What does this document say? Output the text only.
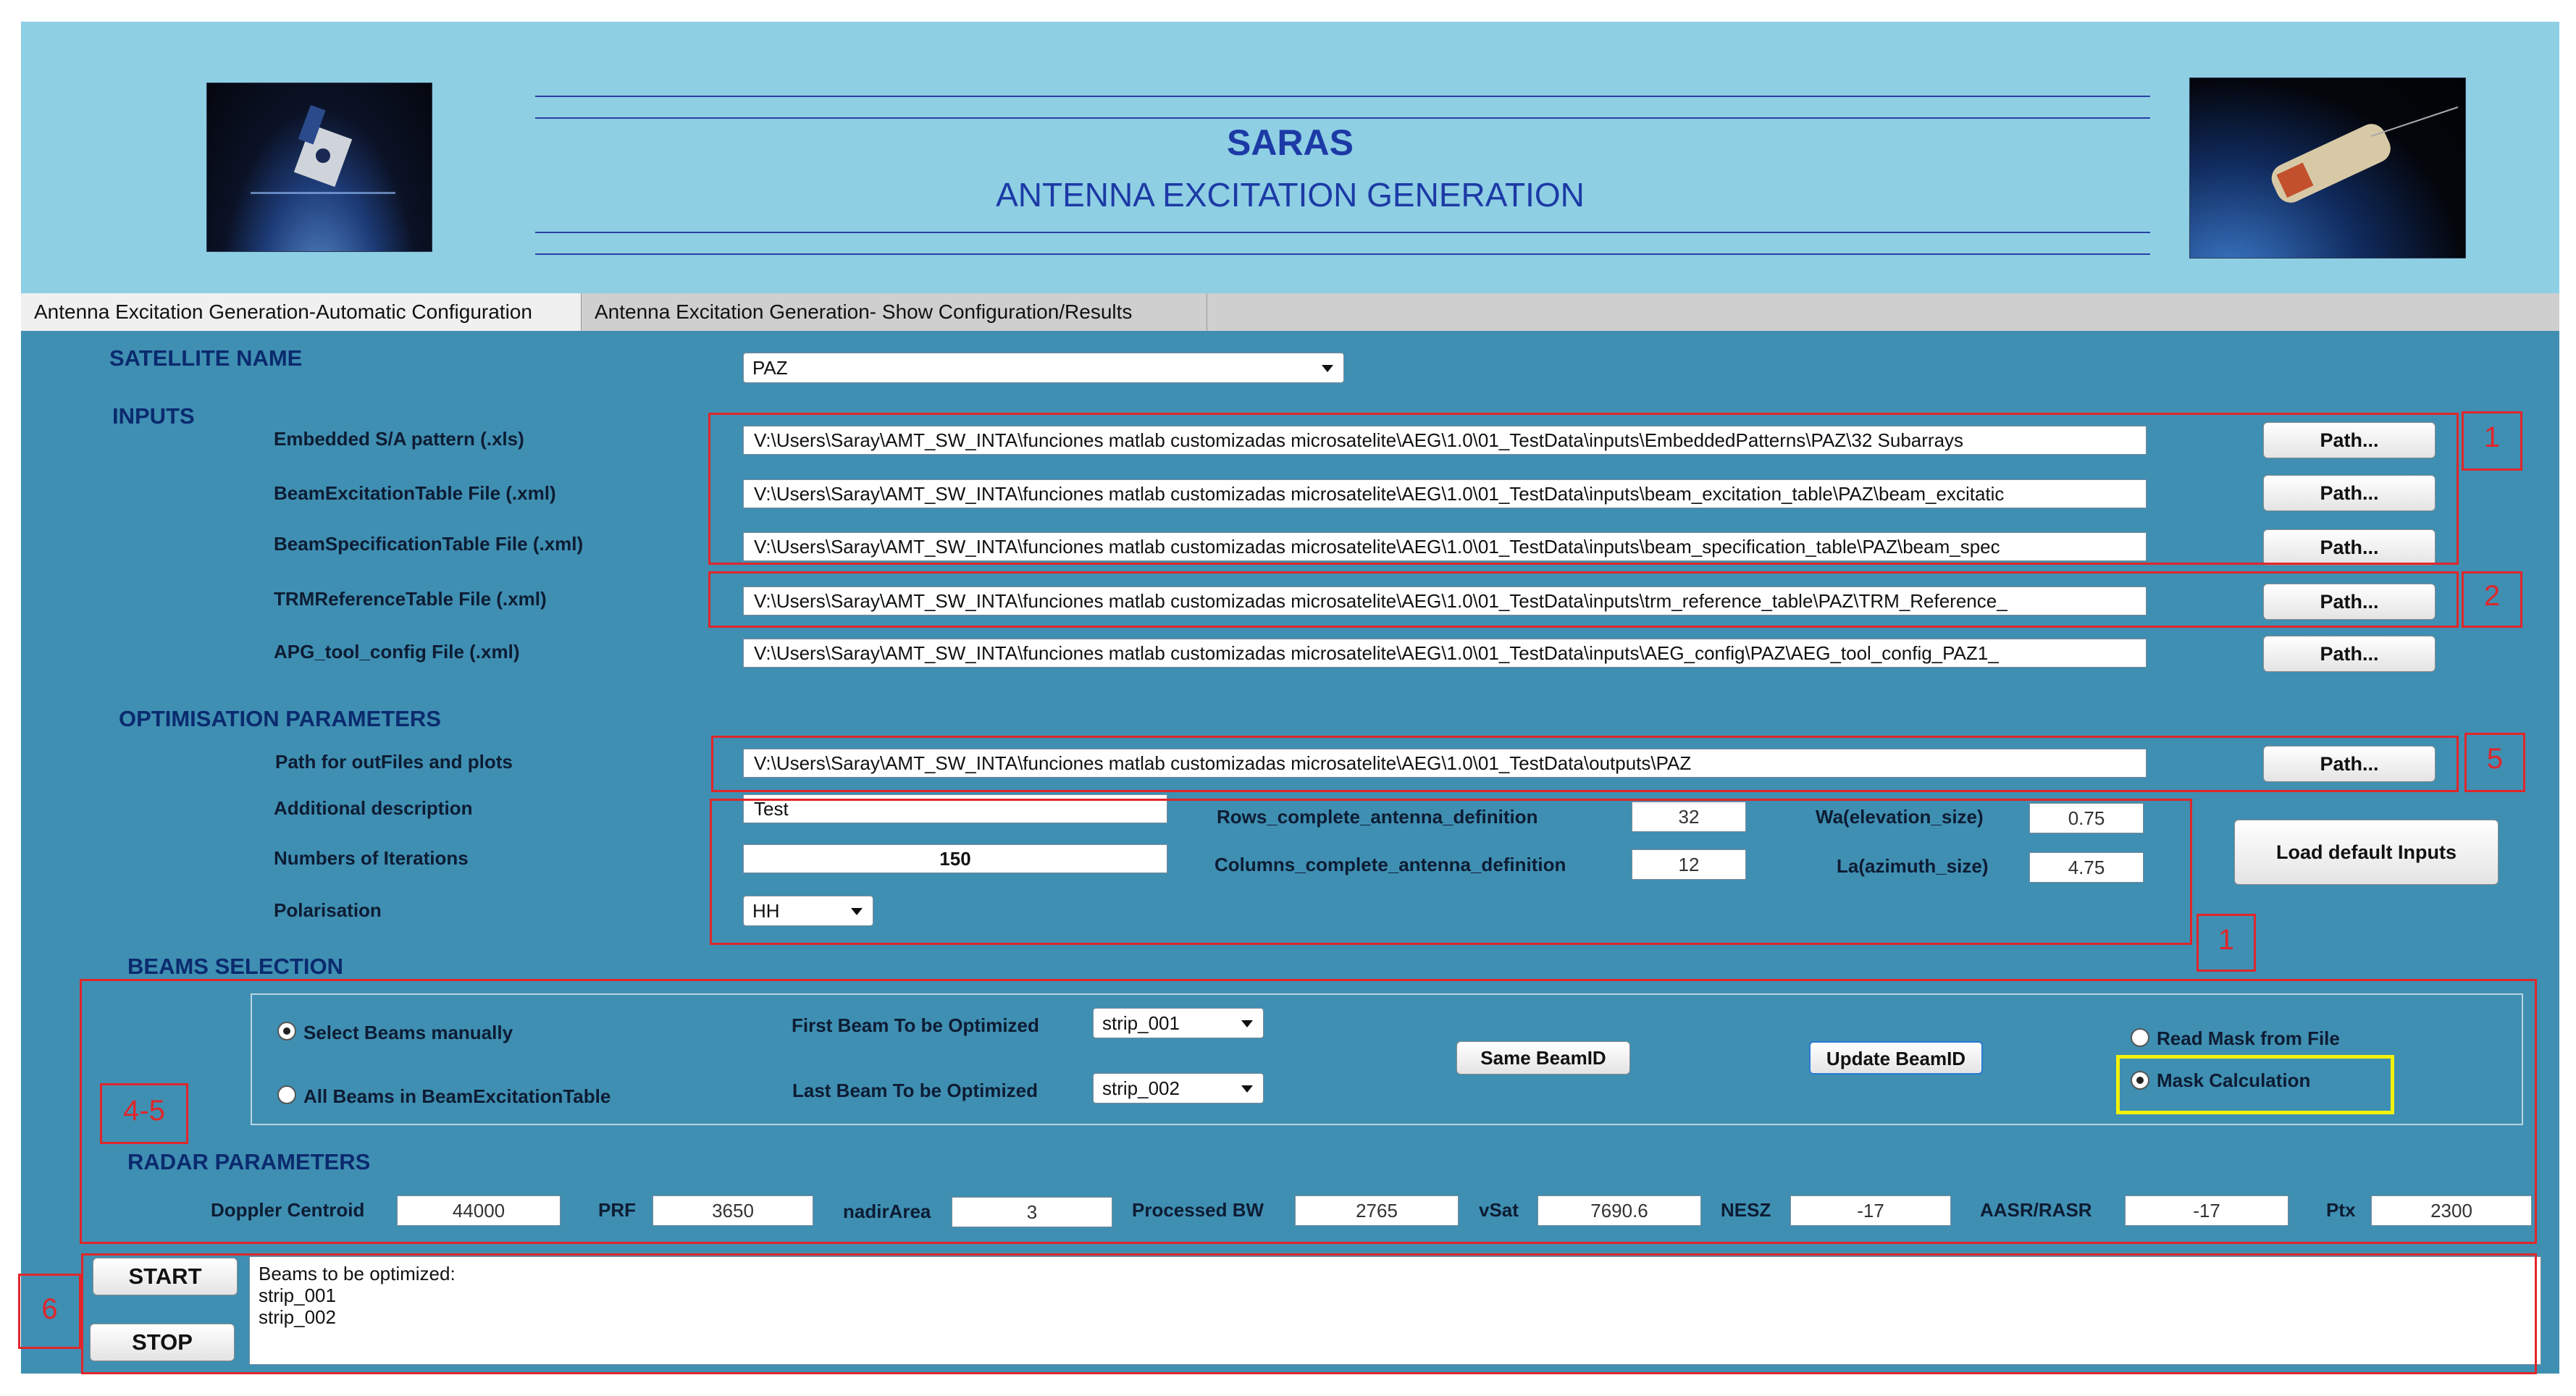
SARAS
ANTENNA EXCITATION GENERATION
Antenna Excitation Generation-Automatic Configuration	Antenna Excitation Generation- Show Configuration/Results
SATELLITE NAME	PAZ
INPUTS
Embedded S/A pattern (.xls)	V:\Users\Saray\AMT_SW_INTA\funciones matlab customizadas microsatelite\AEG\1.0\01_TestData\inputs\EmbeddedPatterns\PAZ\32 Subarrays	Path...
BeamExcitationTable File (.xml)	V:\Users\Saray\AMT_SW_INTA\funciones matlab customizadas microsatelite\AEG\1.0\01_TestData\inputs\beam_excitation_table\PAZ\beam_excitatic	Path...
BeamSpecificationTable File (.xml)	V:\Users\Saray\AMT_SW_INTA\funciones matlab customizadas microsatelite\AEG\1.0\01_TestData\inputs\beam_specification_table\PAZ\beam_spec	Path...
TRMReferenceTable File (.xml)	V:\Users\Saray\AMT_SW_INTA\funciones matlab customizadas microsatelite\AEG\1.0\01_TestData\inputs\trm_reference_table\PAZ\TRM_Reference_	Path...
APG_tool_config File (.xml)	V:\Users\Saray\AMT_SW_INTA\funciones matlab customizadas microsatelite\AEG\1.0\01_TestData\inputs\AEG_config\PAZ\AEG_tool_config_PAZ1_	Path...
OPTIMISATION PARAMETERS
Path for outFiles and plots	V:\Users\Saray\AMT_SW_INTA\funciones matlab customizadas microsatelite\AEG\1.0\01_TestData\outputs\PAZ	Path...
Additional description	Test
Numbers of Iterations	150
Polarisation	HH
Rows_complete_antenna_definition	32
Columns_complete_antenna_definition	12
Wa(elevation_size)	0.75
La(azimuth_size)	4.75
Load default Inputs
BEAMS SELECTION
Select Beams manually
All Beams in BeamExcitationTable
First Beam To be Optimized	strip_001
Last Beam To be Optimized	strip_002
Same BeamID	Update BeamID
Read Mask from File
Mask Calculation
RADAR PARAMETERS
Doppler Centroid	44000	PRF	3650	nadirArea	3	Processed BW	2765	vSat	7690.6	NESZ	-17	AASR/RASR	-17	Ptx	2300
START
STOP
Beams to be optimized:
strip_001
strip_002
1
2
5
1
4-5
6
